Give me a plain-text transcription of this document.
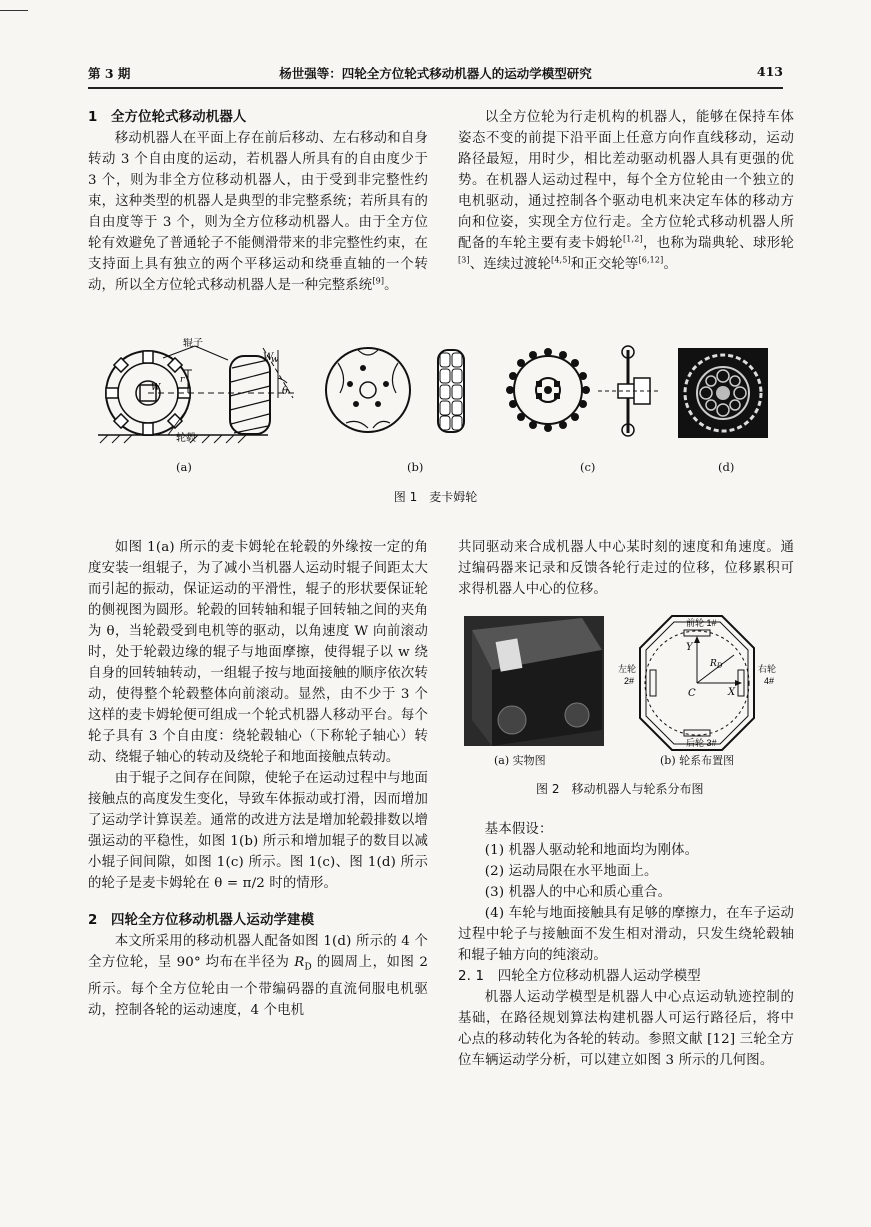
第 3 期	杨世强等：四轮全方位轮式移动机器人的运动学模型研究	413

1　全方位轮式移动机器人

移动机器人在平面上存在前后移动、左右移动和自身转动 3 个自由度的运动，若机器人所具有的自由度少于 3 个，则为非全方位移动机器人，由于受到非完整性约束，这种类型的机器人是典型的非完整系统；若所具有的自由度等于 3 个，则为全方位移动机器人。由于全方位轮有效避免了普通轮子不能侧滑带来的非完整性约束，在支持面上具有独立的两个平移运动和绕垂直轴的一个转动，所以全方位轮式移动机器人是一种完整系统[9]。

以全方位轮为行走机构的机器人，能够在保持车体姿态不变的前提下沿平面上任意方向作直线移动，运动路径最短，用时少，相比差动驱动机器人具有更强的优势。在机器人运动过程中，每个全方位轮由一个独立的电机驱动，通过控制各个驱动电机来决定车体的移动方向和位姿，实现全方位行走。全方位轮式移动机器人所配备的车轮主要有麦卡姆轮[1,2]，也称为瑞典轮、球形轮[3]、连续过渡轮[4,5]和正交轮等[6,12]。

辊子
轮毂
W
W
w
r
θ
(a)	(b)	(c)	(d)
图 1　麦卡姆轮

如图 1(a) 所示的麦卡姆轮在轮毂的外缘按一定的角度安装一组辊子，为了减小当机器人运动时辊子间距太大而引起的振动，保证运动的平滑性，辊子的形状要保证轮的侧视图为圆形。轮毂的回转轴和辊子回转轴之间的夹角为 θ，当轮毂受到电机等的驱动，以角速度 W 向前滚动时，处于轮毂边缘的辊子与地面摩擦，使得辊子以 w 绕自身的回转轴转动，一组辊子按与地面接触的顺序依次转动，使得整个轮毂整体向前滚动。显然，由不少于 3 个这样的麦卡姆轮便可组成一个轮式机器人移动平台。每个轮子具有 3 个自由度：绕轮毂轴心（下称轮子轴心）转动、绕辊子轴心的转动及绕轮子和地面接触点转动。

由于辊子之间存在间隙，使轮子在运动过程中与地面接触点的高度发生变化，导致车体振动或打滑，因而增加了运动学计算误差。通常的改进方法是增加轮毂排数以增强运动的平稳性，如图 1(b) 所示和增加辊子的数目以减小辊子间间隙，如图 1(c) 所示。图 1(c)、图 1(d) 所示的轮子是麦卡姆轮在 θ = π/2 时的情形。

2　四轮全方位移动机器人运动学建模

本文所采用的移动机器人配备如图 1(d) 所示的 4 个全方位轮，呈 90° 均布在半径为 $R_D$ 的圆周上，如图 2 所示。每个全方位轮由一个带编码器的直流伺服电机驱动，控制各轮的运动速度，4 个电机

前轮 1#
后轮 3#
左轮
2#
右轮
4#
Y
X
C
$R_D$
(a) 实物图	(b) 轮系布置图
图 2　移动机器人与轮系分布图

共同驱动来合成机器人中心某时刻的速度和角速度。通过编码器来记录和反馈各轮行走过的位移，位移累积可求得机器人中心的位移。

基本假设：

(1) 机器人驱动轮和地面均为刚体。

(2) 运动局限在水平地面上。

(3) 机器人的中心和质心重合。

(4) 车轮与地面接触具有足够的摩擦力，在车子运动过程中轮子与接触面不发生相对滑动，只发生绕轮毂轴和辊子轴方向的纯滚动。

2. 1　四轮全方位移动机器人运动学模型

机器人运动学模型是机器人中心点运动轨迹控制的基础，在路径规划算法构建机器人可运行路径后，将中心点的移动转化为各轮的转动。参照文献 [12] 三轮全方位车辆运动学分析，可以建立如图 3 所示的几何图。
